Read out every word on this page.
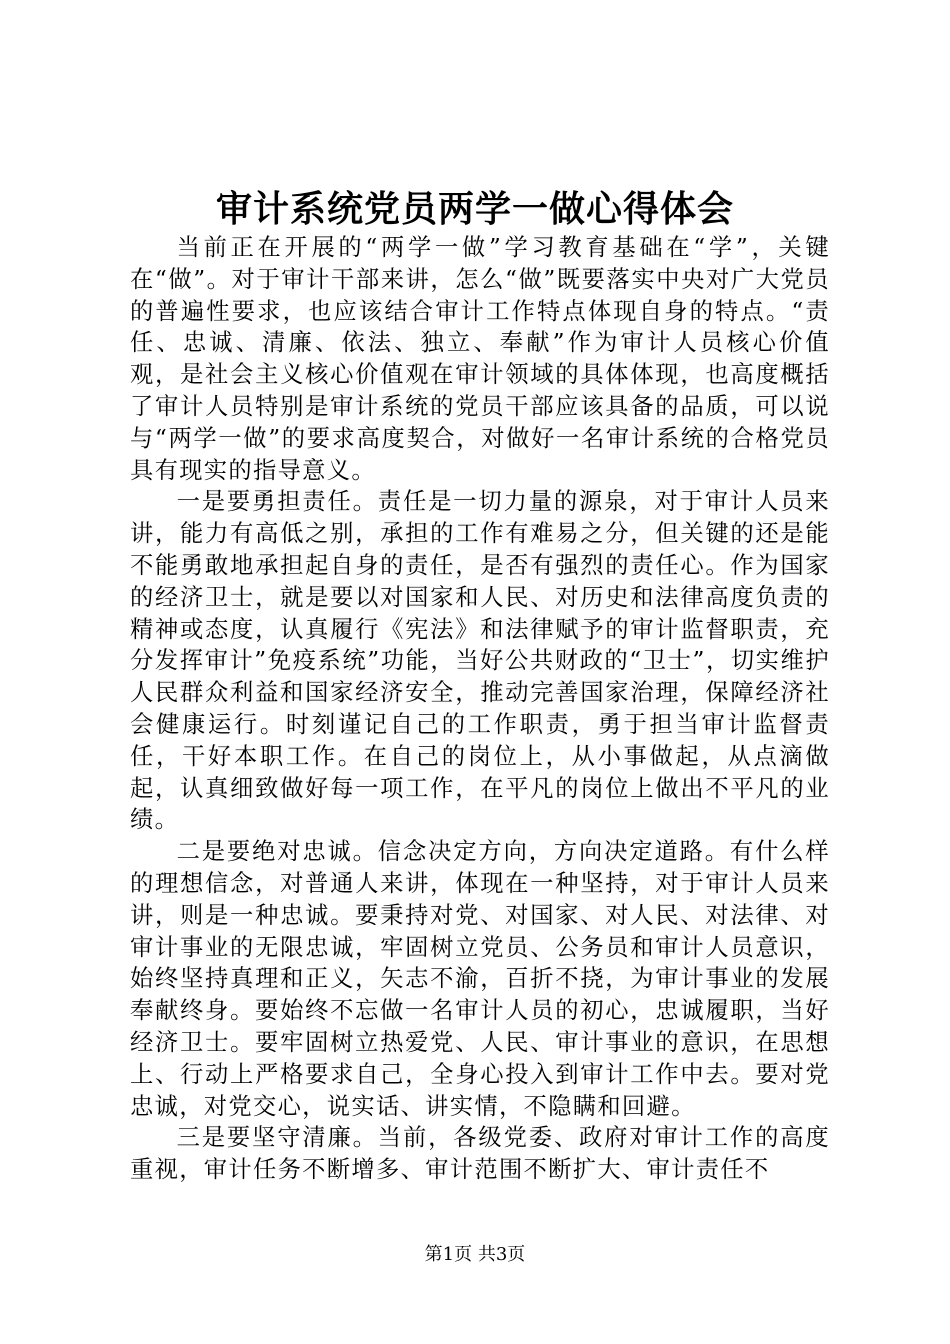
审计系统党员两学一做心得体会

当前正在开展的“两学一做”学习教育基础在“学”，关键在“做”。对于审计干部来讲，怎么“做”既要落实中央对广大党员的普遍性要求，也应该结合审计工作特点体现自身的特点。“责任、忠诚、清廉、依法、独立、奉献”作为审计人员核心价值观，是社会主义核心价值观在审计领域的具体体现，也高度概括了审计人员特别是审计系统的党员干部应该具备的品质，可以说与“两学一做”的要求高度契合，对做好一名审计系统的合格党员具有现实的指导意义。

一是要勇担责任。责任是一切力量的源泉，对于审计人员来讲，能力有高低之别，承担的工作有难易之分，但关键的还是能不能勇敢地承担起自身的责任，是否有强烈的责任心。作为国家的经济卫士，就是要以对国家和人民、对历史和法律高度负责的精神或态度，认真履行《宪法》和法律赋予的审计监督职责，充分发挥审计”免疫系统”功能，当好公共财政的“卫士”，切实维护人民群众利益和国家经济安全，推动完善国家治理，保障经济社会健康运行。时刻谨记自己的工作职责，勇于担当审计监督责任，干好本职工作。在自己的岗位上，从小事做起，从点滴做起，认真细致做好每一项工作，在平凡的岗位上做出不平凡的业绩。

二是要绝对忠诚。信念决定方向，方向决定道路。有什么样的理想信念，对普通人来讲，体现在一种坚持，对于审计人员来讲，则是一种忠诚。要秉持对党、对国家、对人民、对法律、对审计事业的无限忠诚，牢固树立党员、公务员和审计人员意识，始终坚持真理和正义，矢志不渝，百折不挠，为审计事业的发展奉献终身。要始终不忘做一名审计人员的初心，忠诚履职，当好经济卫士。要牢固树立热爱党、人民、审计事业的意识，在思想上、行动上严格要求自己，全身心投入到审计工作中去。要对党忠诚，对党交心，说实话、讲实情，不隐瞒和回避。

三是要坚守清廉。当前，各级党委、政府对审计工作的高度重视，审计任务不断增多、审计范围不断扩大、审计责任不

第1页 共3页
